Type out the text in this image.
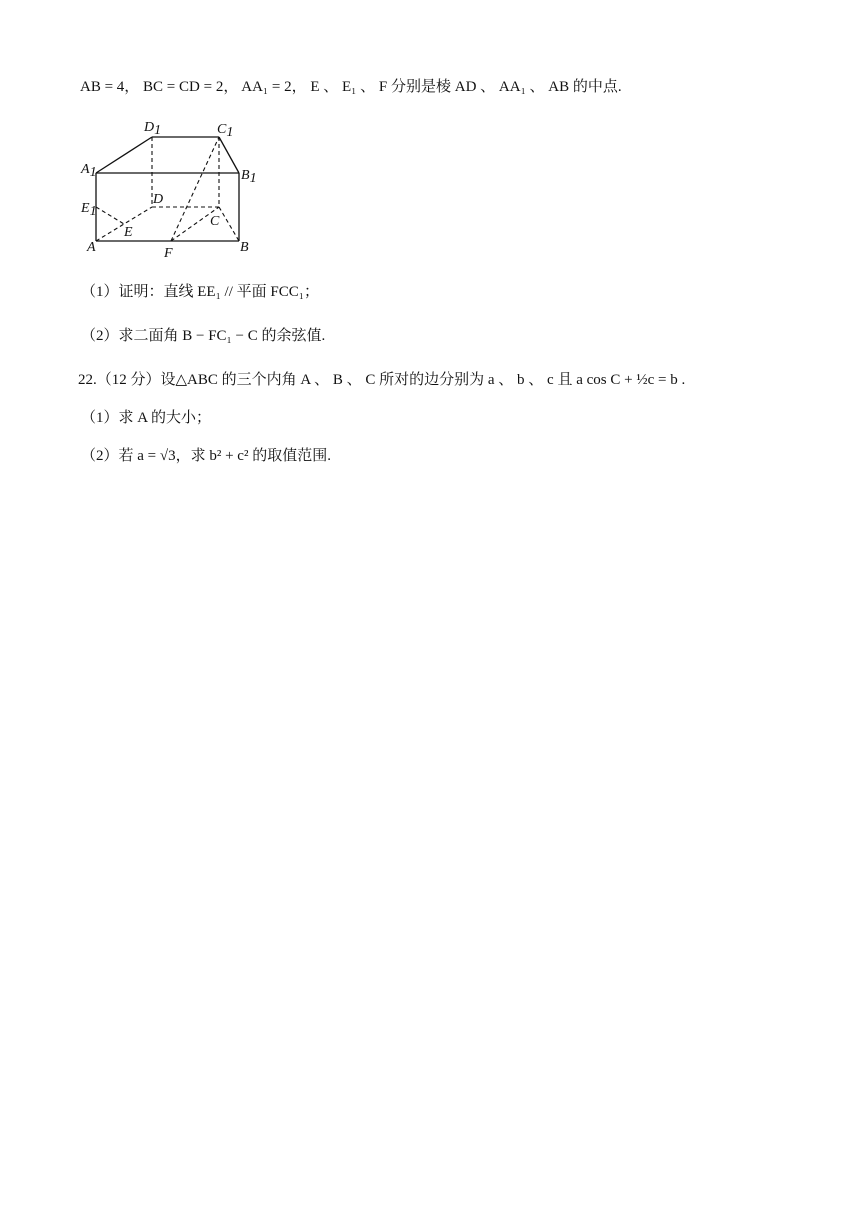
AB = 4， BC = CD = 2， AA₁ = 2， E 、 E₁ 、 F 分别是棱 AD 、 AA₁ 、 AB 的中点.
D1	C1
A1	B1
E1
D
C
E
A	B
F
（1）证明：直线 EE₁ // 平面 FCC₁；
（2）求二面角 B − FC₁ − C 的余弦值.
22.（12 分）设△ABC 的三个内角 A 、 B 、 C 所对的边分别为 a 、 b 、 c 且 a cos C + ½c = b .
（1）求 A 的大小；
（2）若 a = √3，求 b² + c² 的取值范围.
